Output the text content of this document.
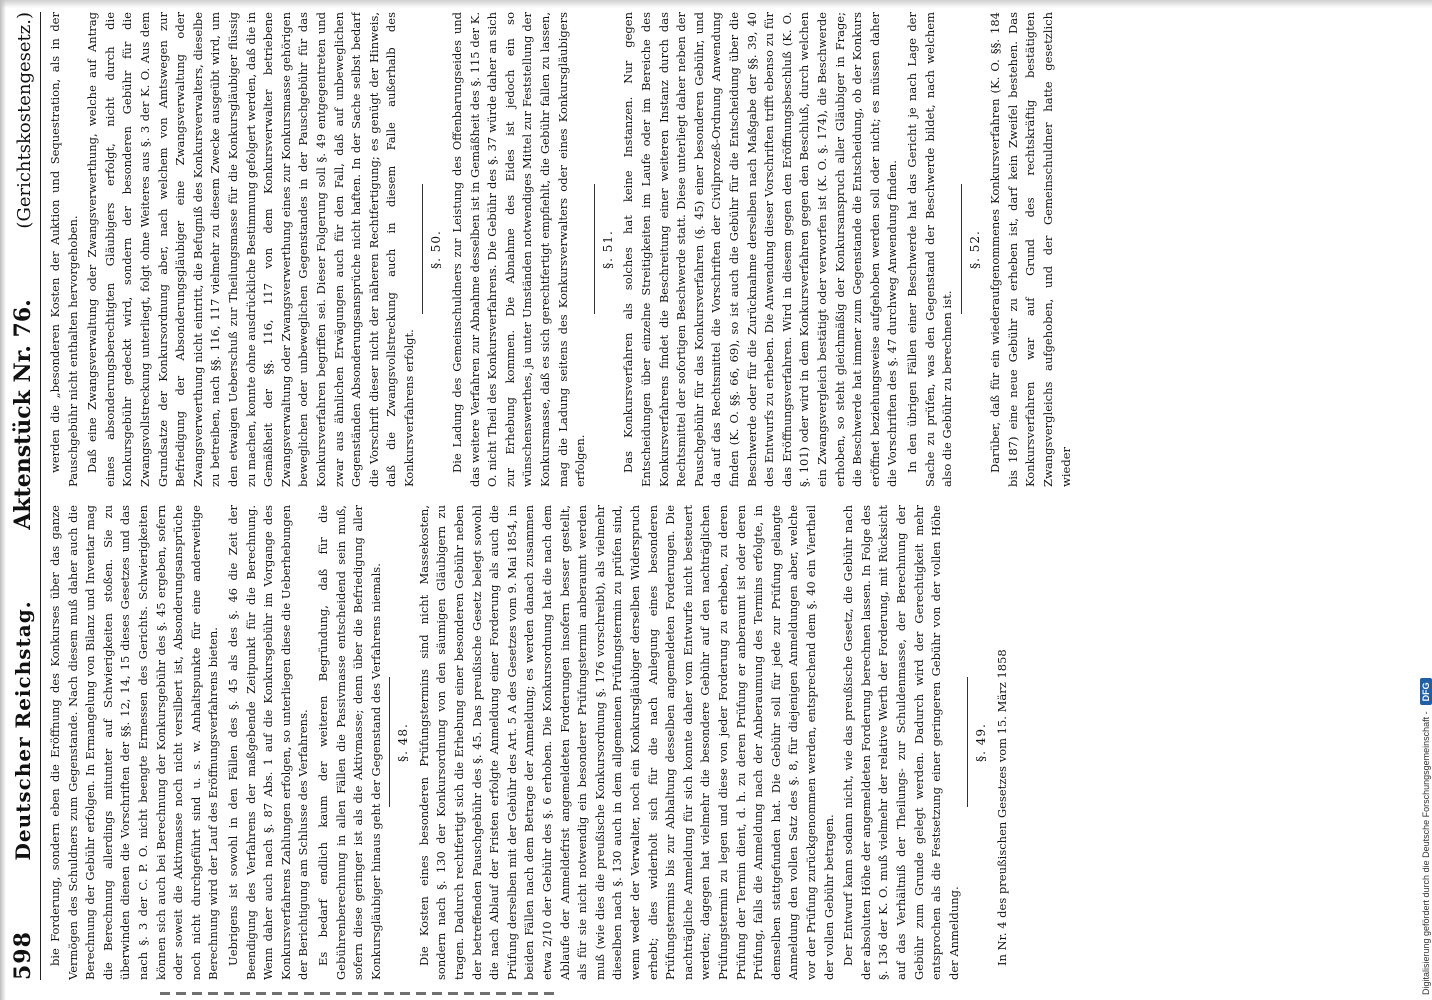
598
Deutscher Reichstag.
Aktenstück Nr. 76.
(Gerichtskostengesetz.)

bie Forderung, sondern eben die Eröffnung des Konkurses über das ganze Vermögen des Schuldners zum Gegenstande. Nach diesem muß daher auch die Berechnung der Gebühr erfolgen. In Ermangelung von Bilanz und Inventar mag die Berechnung allerdings mitunter auf Schwierigkeiten stoßen. Sie zu überwinden dienen die Vorschriften der §§. 12, 14, 15 dieses Gesetzes und das nach §. 3 der C. P. O. nicht beengte Ermessen des Gerichts. Schwierigkeiten können sich auch bei Berechnung der Konkursgebühr des §. 45 ergeben, sofern oder soweit die Aktivmasse noch nicht versilbert ist, Absonderungsansprüche noch nicht durchgeführt sind u. s. w. Anhaltspunkte für eine anderweitige Berechnung wird der Lauf des Eröffnungsverfahrens bieten. Uebrigens ist sowohl in den Fällen des §. 45 als des §. 46 die Zeit der Beendigung des Verfahrens der maßgebende Zeitpunkt für die Berechnung. Wenn daher auch nach §. 87 Abs. 1 auf die Konkursgebühr im Vorgange des Konkursverfahrens Zahlungen erfolgen, so unterliegen diese die Ueberhebungen der Berichtigung am Schlusse des Verfahrens. Es bedarf endlich kaum der weiteren Begründung, daß für die Gebührenberechnung in allen Fällen die Passivmasse entscheidend sein muß, sofern diese geringer ist als die Aktivmasse; denn über die Befriedigung aller Konkursgläubiger hinaus geht der Gegenstand des Verfahrens niemals. §. 48. Die Kosten eines besonderen Prüfungstermins sind nicht Massekosten, sondern nach §. 130 der Konkursordnung von den säumigen Gläubigern zu tragen. Dadurch rechtfertigt sich die Erhebung einer besonderen Gebühr neben der betreffenden Pauschgebühr des §. 45. Das preußische Gesetz belegt sowohl die nach Ablauf der Fristen erfolgte Anmeldung einer Forderung als auch die Prüfung derselben mit der Gebühr des Art. 5 A des Gesetzes vom 9. Mai 1854, in beiden Fällen nach dem Betrage der Anmeldung; es werden danach zusammen etwa 2/10 der Gebühr des §. 6 erhoben. Die Konkursordnung hat die nach dem Ablaufe der Anmeldefrist angemeldeten Forderungen insofern besser gestellt, als für sie nicht notwendig ein besonderer Prüfungstermin anberaumt werden muß (wie dies die preußische Konkursordnung §. 176 vorschreibt), als vielmehr dieselben nach §. 130 auch in dem allgemeinen Prüfungstermin zu prüfen sind, wenn weder der Verwalter, noch ein Konkursgläubiger derselben Widerspruch erhebt; dies widerholt sich für die nach Anlegung eines besonderen Prüfungstermins bis zur Abhaltung desselben angemeldeten Forderungen. Die nachträgliche Anmeldung für sich konnte daher vom Entwurfe nicht besteuert werden; dagegen hat vielmehr die besondere Gebühr auf den nachträglichen Prüfungstermin zu legen und diese von jeder Forderung zu erheben, zu deren Prüfung der Termin dient, d. h. zu deren Prüfung er anberaumt ist oder deren Prüfung, falls die Anmeldung nach der Anberaumung des Termins erfolgte, in demselben stattgefunden hat. Die Gebühr soll für jede zur Prüfung gelangte Anmeldung den vollen Satz des §. 8, für diejenigen Anmeldungen aber, welche vor der Prüfung zurückgenommen werden, entsprechend dem §. 40 ein Viertheil der vollen Gebühr betragen. Der Entwurf kann sodann nicht, wie das preußische Gesetz, die Gebühr nach der absoluten Höhe der angemeldeten Forderung berechnen lassen. In Folge des §. 136 der K. O. muß vielmehr der relative Werth der Forderung, mit Rücksicht auf das Verhältniß der Theilungs- zur Schuldenmasse, der Berechnung der Gebühr zum Grunde gelegt werden. Dadurch wird der Gerechtigkeit mehr entsprochen als die Festsetzung einer geringeren Gebühr von der vollen Höhe der Anmeldung.

§. 49. In Nr. 4 des preußischen Gesetzes vom 15. März 1858

werden die „besonderen Kosten der Auktion und Sequestration, als in der Pauschgebühr nicht enthalten hervorgehoben. Daß eine Zwangsverwaltung oder Zwangsverwerthung, welche auf Antrag eines absonderungsberechtigten Gläubigers erfolgt, nicht durch die Konkursgebühr gedeckt wird, sondern der besonderen Gebühr für die Zwangsvollstreckung unterliegt, folgt ohne Weiteres aus §. 3 der K. O. Aus dem Grundsatze der Konkursordnung aber, nach welchem von Amtswegen zur Befriedigung der Absonderungsgläubiger eine Zwangsverwaltung oder Zwangsverwerthung nicht eintritt, die Befugniß des Konkursverwalters, dieselbe zu betreiben, nach §§. 116, 117 vielmehr zu diesem Zwecke ausgeübt wird, um den etwaigen Ueberschuß zur Theilungsmasse für die Konkursgläubiger flüssig zu machen, konnte ohne ausdrückliche Bestimmung gefolgert werden, daß die in Gemäßheit der §§. 116, 117 von dem Konkursverwalter betriebene Zwangsverwaltung oder Zwangsverwerthung eines zur Konkursmasse gehörigen beweglichen oder unbeweglichen Gegenstandes in der Pauschgebühr für das Konkursverfahren begriffen sei. Dieser Folgerung soll §. 49 entgegentreten und zwar aus ähnlichen Erwägungen auch für den Fall, daß auf unbeweglichen Gegenständen Absonderungsansprüche nicht haften. In der Sache selbst bedarf die Vorschrift dieser nicht der näheren Rechtfertigung; es genügt der Hinweis, daß die Zwangsvollstreckung auch in diesem Falle außerhalb des Konkursverfahrens erfolgt.

§. 50. Die Ladung des Gemeinschuldners zur Leistung des Offenbarungseides und das weitere Verfahren zur Abnahme desselben ist in Gemäßheit des §. 115 der K. O. nicht Theil des Konkursverfahrens. Die Gebühr des §. 37 würde daher an sich zur Erhebung kommen. Die Abnahme des Eides ist jedoch ein so wünschenswerthes, ja unter Umständen notwendiges Mittel zur Feststellung der Konkursmasse, daß es sich gerechtfertigt empfiehlt, die Gebühr fallen zu lassen, mag die Ladung seitens des Konkursverwalters oder eines Konkursgläubigers erfolgen.

§. 51. Das Konkursverfahren als solches hat keine Instanzen. Nur gegen Entscheidungen über einzelne Streitigkeiten im Laufe oder im Bereiche des Konkursverfahrens findet die Beschreitung einer weiteren Instanz durch das Rechtsmittel der sofortigen Beschwerde statt. Diese unterliegt daher neben der Pauschgebühr für das Konkursverfahren (§. 45) einer besonderen Gebühr, und da auf das Rechtsmittel die Vorschriften der Civilprozeß-Ordnung Anwendung finden (K. O. §§. 66, 69), so ist auch die Gebühr für die Entscheidung über die Beschwerde oder für die Zurücknahme derselben nach Maßgabe der §§. 39, 40 des Entwurfs zu erheben. Die Anwendung dieser Vorschriften trifft ebenso zu für das Eröffnungsverfahren. Wird in diesem gegen den Eröffnungsbeschluß (K. O. §. 101) oder wird in dem Konkursverfahren gegen den Beschluß, durch welchen ein Zwangsvergleich bestätigt oder verworfen ist (K. O. §. 174), die Beschwerde erhoben, so steht gleichmäßig der Konkursanspruch aller Gläubiger in Frage; die Beschwerde hat immer zum Gegenstande die Entscheidung, ob der Konkurs eröffnet beziehungsweise aufgehoben werden soll oder nicht; es müssen daher die Vorschriften des §. 47 durchweg Anwendung finden. In den übrigen Fällen einer Beschwerde hat das Gericht je nach Lage der Sache zu prüfen, was den Gegenstand der Beschwerde bildet, nach welchem also die Gebühr zu berechnen ist.

§. 52. Darüber, daß für ein wiederaufgenommenes Konkursverfahren (K. O. §§. 184 bis 187) eine neue Gebühr zu erheben ist, darf kein Zweifel bestehen. Das Konkursverfahren war auf Grund des rechtskräftig bestätigten Zwangsvergleichs aufgehoben, und der Gemeinschuldner hatte gesetzlich wieder

Digitalisierung gefördert durch die Deutsche Forschungsgemeinschaft -
DFG
